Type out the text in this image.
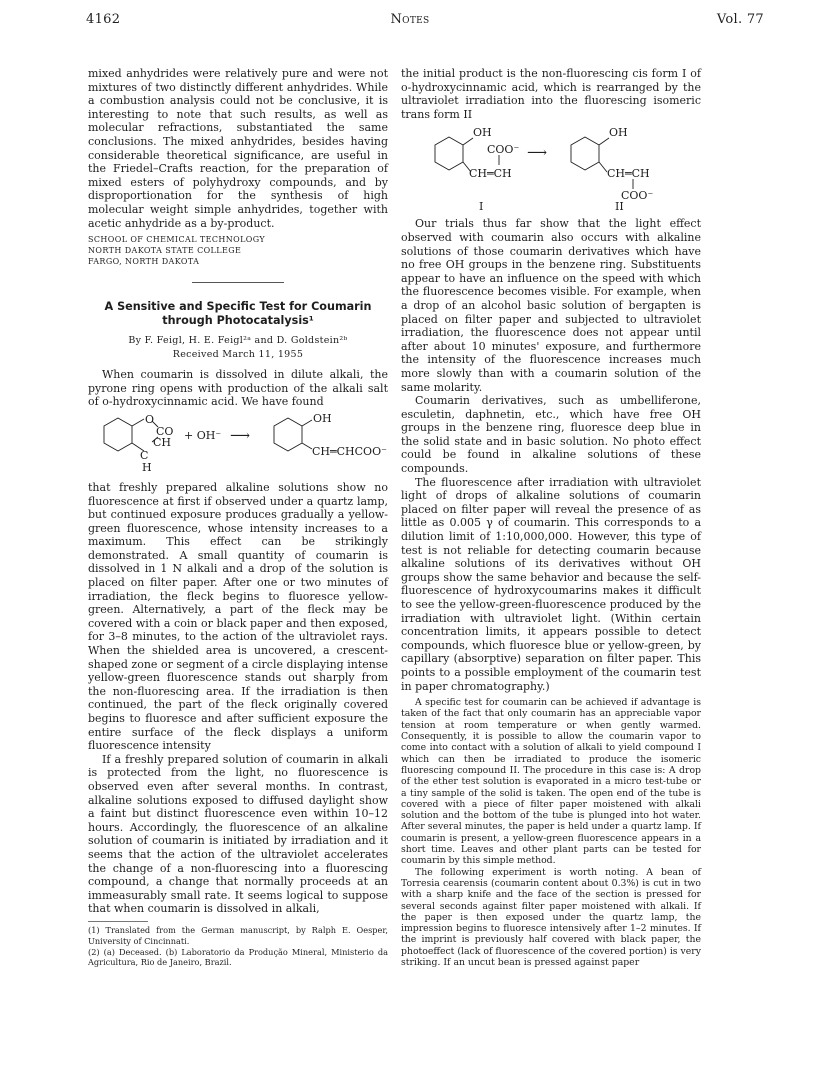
4162	Notes	Vol. 77

mixed anhydrides were relatively pure and were not mixtures of two distinctly different anhydrides. While a combustion analysis could not be conclusive, it is interesting to note that such results, as well as molecular refractions, substantiated the same conclusions. The mixed anhydrides, besides having considerable theoretical significance, are useful in the Friedel–Crafts reaction, for the preparation of mixed esters of polyhydroxy compounds, and by disproportionation for the synthesis of high molecular weight simple anhydrides, together with acetic anhydride as a by-product.

SCHOOL OF CHEMICAL TECHNOLOGY
NORTH DAKOTA STATE COLLEGE
FARGO, NORTH DAKOTA
A Sensitive and Specific Test for Coumarin through Photocatalysis¹

By F. Feigl, H. E. Feigl²ᵃ and D. Goldstein²ᵇ

Received March 11, 1955

When coumarin is dissolved in dilute alkali, the pyrone ring opens with production of the alkali salt of o-hydroxycinnamic acid. We have found

O
CO
CH
C
H
+ OH⁻ ⟶
OH
CH═CHCOO⁻

that freshly prepared alkaline solutions show no fluorescence at first if observed under a quartz lamp, but continued exposure produces gradually a yellow-green fluorescence, whose intensity increases to a maximum. This effect can be strikingly demonstrated. A small quantity of coumarin is dissolved in 1 N alkali and a drop of the solution is placed on filter paper. After one or two minutes of irradiation, the fleck begins to fluoresce yellow-green. Alternatively, a part of the fleck may be covered with a coin or black paper and then exposed, for 3–8 minutes, to the action of the ultraviolet rays. When the shielded area is uncovered, a crescent-shaped zone or segment of a circle displaying intense yellow-green fluorescence stands out sharply from the non-fluorescing area. If the irradiation is then continued, the part of the fleck originally covered begins to fluoresce and after sufficient exposure the entire surface of the fleck displays a uniform fluorescence intensity

If a freshly prepared solution of coumarin in alkali is protected from the light, no fluorescence is observed even after several months. In contrast, alkaline solutions exposed to diffused daylight show a faint but distinct fluorescence even within 10–12 hours. Accordingly, the fluorescence of an alkaline solution of coumarin is initiated by irradiation and it seems that the action of the ultraviolet accelerates the change of a non-fluorescing into a fluorescing compound, a change that normally proceeds at an immeasurably small rate. It seems logical to suppose that when coumarin is dissolved in alkali,

(1) Translated from the German manuscript, by Ralph E. Oesper, University of Cincinnati.

(2) (a) Deceased. (b) Laboratorio da Produção Mineral, Ministerio da Agricultura, Rio de Janeiro, Brazil.

the initial product is the non-fluorescing cis form I of o-hydroxycinnamic acid, which is rearranged by the ultraviolet irradiation into the fluorescing isomeric trans form II

OH
COO⁻ ⟶
CH═CH
OH
CH═CH
COO⁻
I	II

Our trials thus far show that the light effect observed with coumarin also occurs with alkaline solutions of those coumarin derivatives which have no free OH groups in the benzene ring. Substituents appear to have an influence on the speed with which the fluorescence becomes visible. For example, when a drop of an alcohol basic solution of bergapten is placed on filter paper and subjected to ultraviolet irradiation, the fluorescence does not appear until after about 10 minutes' exposure, and furthermore the intensity of the fluorescence increases much more slowly than with a coumarin solution of the same molarity.

Coumarin derivatives, such as umbelliferone, esculetin, daphnetin, etc., which have free OH groups in the benzene ring, fluoresce deep blue in the solid state and in basic solution. No photo effect could be found in alkaline solutions of these compounds.

The fluorescence after irradiation with ultraviolet light of drops of alkaline solutions of coumarin placed on filter paper will reveal the presence of as little as 0.005 γ of coumarin. This corresponds to a dilution limit of 1:10,000,000. However, this type of test is not reliable for detecting coumarin because alkaline solutions of its derivatives without OH groups show the same behavior and because the self-fluorescence of hydroxycoumarins makes it difficult to see the yellow-green-fluorescence produced by the irradiation with ultraviolet light. (Within certain concentration limits, it appears possible to detect compounds, which fluoresce blue or yellow-green, by capillary (absorptive) separation on filter paper. This points to a possible employment of the coumarin test in paper chromatography.)

A specific test for coumarin can be achieved if advantage is taken of the fact that only coumarin has an appreciable vapor tension at room temperature or when gently warmed. Consequently, it is possible to allow the coumarin vapor to come into contact with a solution of alkali to yield compound I which can then be irradiated to produce the isomeric fluorescing compound II. The procedure in this case is: A drop of the ether test solution is evaporated in a micro test-tube or a tiny sample of the solid is taken. The open end of the tube is covered with a piece of filter paper moistened with alkali solution and the bottom of the tube is plunged into hot water. After several minutes, the paper is held under a quartz lamp. If coumarin is present, a yellow-green fluorescence appears in a short time. Leaves and other plant parts can be tested for coumarin by this simple method.

The following experiment is worth noting. A bean of Torresia cearensis (coumarin content about 0.3%) is cut in two with a sharp knife and the face of the section is pressed for several seconds against filter paper moistened with alkali. If the paper is then exposed under the quartz lamp, the impression begins to fluoresce intensively after 1–2 minutes. If the imprint is previously half covered with black paper, the photoeffect (lack of fluorescence of the covered portion) is very striking. If an uncut bean is pressed against paper
